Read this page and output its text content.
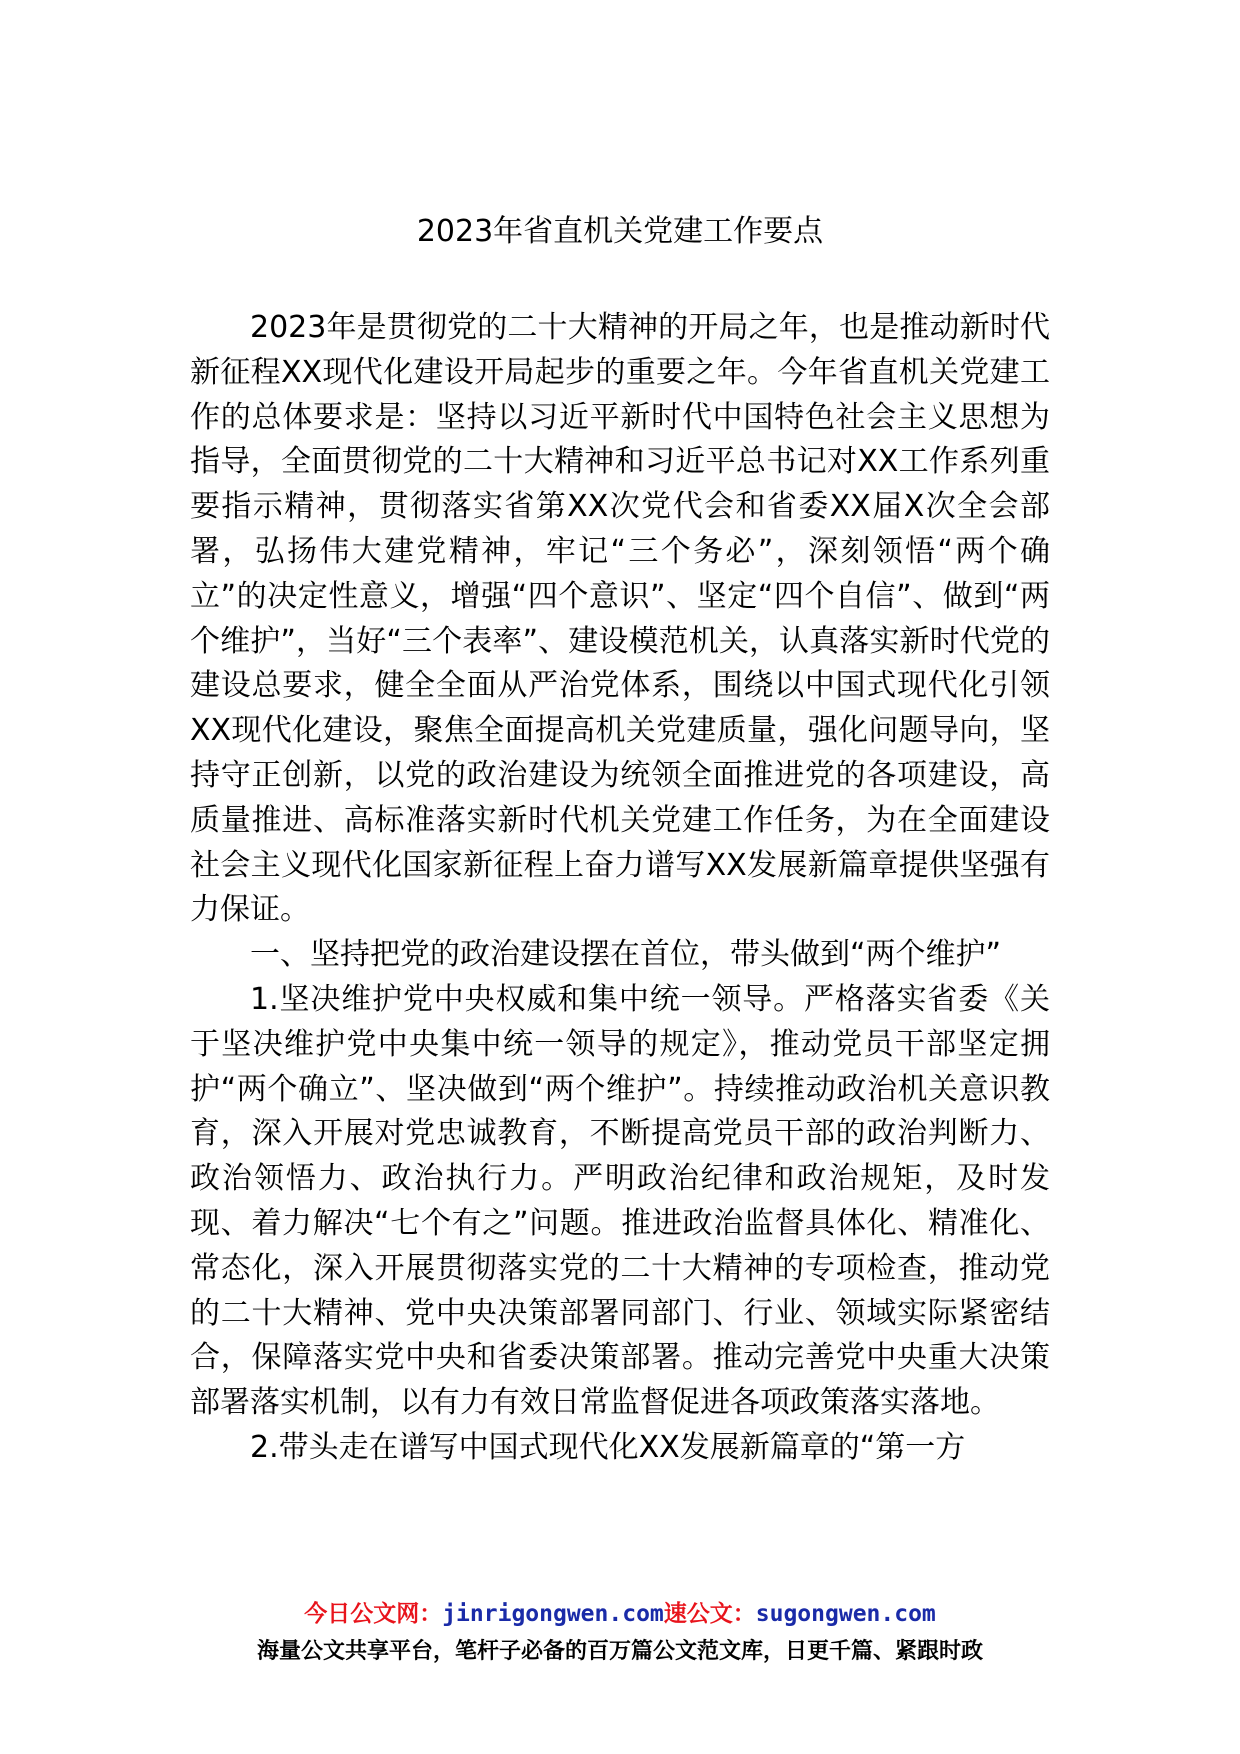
2023年省直机关党建工作要点

2023年是贯彻党的二十大精神的开局之年，也是推动新时代新征程XX现代化建设开局起步的重要之年。今年省直机关党建工作的总体要求是：坚持以习近平新时代中国特色社会主义思想为指导，全面贯彻党的二十大精神和习近平总书记对XX工作系列重要指示精神，贯彻落实省第XX次党代会和省委XX届X次全会部署，弘扬伟大建党精神，牢记“三个务必”，深刻领悟“两个确立”的决定性意义，增强“四个意识”、坚定“四个自信”、做到“两个维护”，当好“三个表率”、建设模范机关，认真落实新时代党的建设总要求，健全全面从严治党体系，围绕以中国式现代化引领XX现代化建设，聚焦全面提高机关党建质量，强化问题导向，坚持守正创新，以党的政治建设为统领全面推进党的各项建设，高质量推进、高标准落实新时代机关党建工作任务，为在全面建设社会主义现代化国家新征程上奋力谱写XX发展新篇章提供坚强有力保证。

一、坚持把党的政治建设摆在首位，带头做到“两个维护”

1.坚决维护党中央权威和集中统一领导。严格落实省委《关于坚决维护党中央集中统一领导的规定》，推动党员干部坚定拥护“两个确立”、坚决做到“两个维护”。持续推动政治机关意识教育，深入开展对党忠诚教育，不断提高党员干部的政治判断力、政治领悟力、政治执行力。严明政治纪律和政治规矩，及时发现、着力解决“七个有之”问题。推进政治监督具体化、精准化、常态化，深入开展贯彻落实党的二十大精神的专项检查，推动党的二十大精神、党中央决策部署同部门、行业、领域实际紧密结合，保障落实党中央和省委决策部署。推动完善党中央重大决策部署落实机制，以有力有效日常监督促进各项政策落实落地。

2.带头走在谱写中国式现代化XX发展新篇章的“第一方

今日公文网：jinrigongwen.com速公文：sugongwen.com
海量公文共享平台，笔杆子必备的百万篇公文范文库，日更千篇、紧跟时政
